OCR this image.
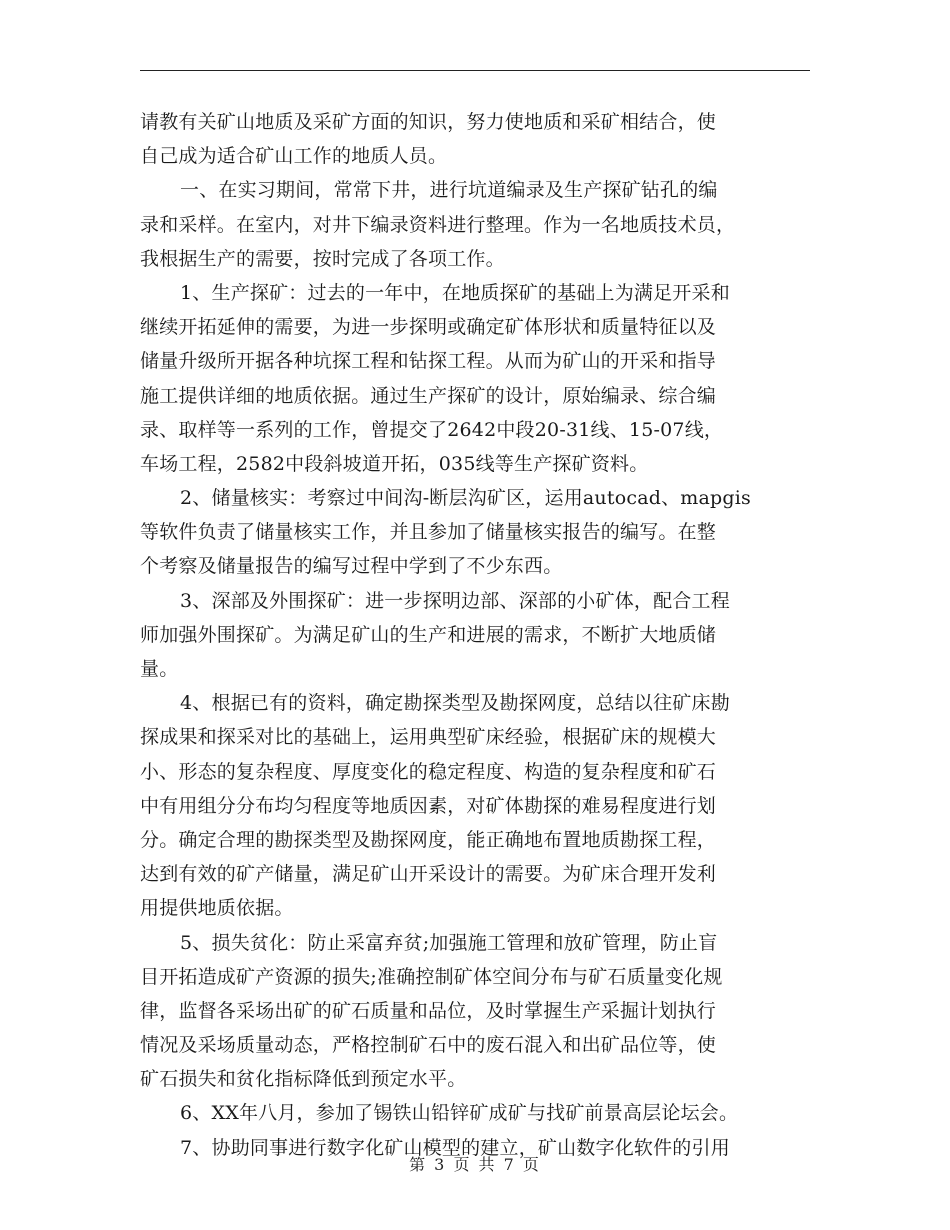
请教有关矿山地质及采矿方面的知识，努力使地质和采矿相结合，使
自己成为适合矿山工作的地质人员。
一、在实习期间，常常下井，进行坑道编录及生产探矿钻孔的编
录和采样。在室内，对井下编录资料进行整理。作为一名地质技术员，
我根据生产的需要，按时完成了各项工作。
1、生产探矿：过去的一年中，在地质探矿的基础上为满足开采和
继续开拓延伸的需要，为进一步探明或确定矿体形状和质量特征以及
储量升级所开据各种坑探工程和钻探工程。从而为矿山的开采和指导
施工提供详细的地质依据。通过生产探矿的设计，原始编录、综合编
录、取样等一系列的工作，曾提交了2642中段20-31线、15-07线，
车场工程，2582中段斜坡道开拓，035线等生产探矿资料。
2、储量核实：考察过中间沟-断层沟矿区，运用autocad、mapgis
等软件负责了储量核实工作，并且参加了储量核实报告的编写。在整
个考察及储量报告的编写过程中学到了不少东西。
3、深部及外围探矿：进一步探明边部、深部的小矿体，配合工程
师加强外围探矿。为满足矿山的生产和进展的需求，不断扩大地质储
量。
4、根据已有的资料，确定勘探类型及勘探网度，总结以往矿床勘
探成果和探采对比的基础上，运用典型矿床经验，根据矿床的规模大
小、形态的复杂程度、厚度变化的稳定程度、构造的复杂程度和矿石
中有用组分分布均匀程度等地质因素，对矿体勘探的难易程度进行划
分。确定合理的勘探类型及勘探网度，能正确地布置地质勘探工程，
达到有效的矿产储量，满足矿山开采设计的需要。为矿床合理开发利
用提供地质依据。
5、损失贫化：防止采富弃贫;加强施工管理和放矿管理，防止盲
目开拓造成矿产资源的损失;准确控制矿体空间分布与矿石质量变化规
律，监督各采场出矿的矿石质量和品位，及时掌握生产采掘计划执行
情况及采场质量动态，严格控制矿石中的废石混入和出矿品位等，使
矿石损失和贫化指标降低到预定水平。
6、XX年八月，参加了锡铁山铅锌矿成矿与找矿前景高层论坛会。
7、协助同事进行数字化矿山模型的建立，矿山数字化软件的引用
第 3 页 共 7 页
